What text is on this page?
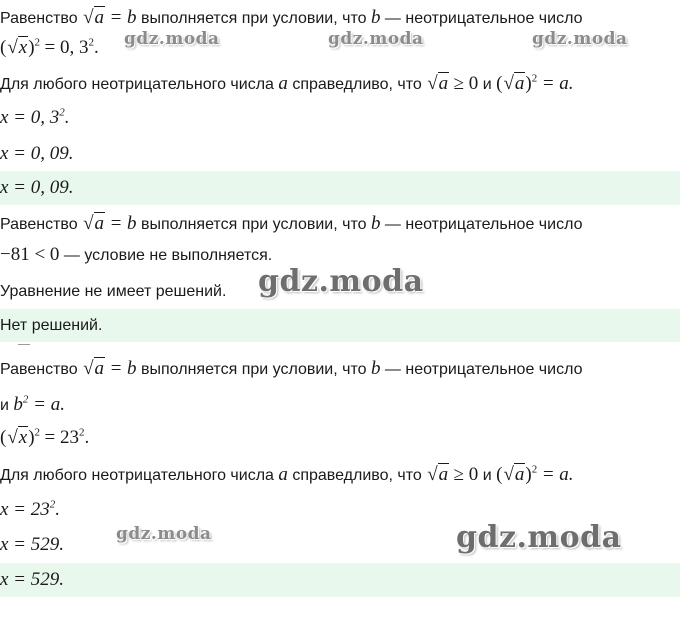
Равенство √a = b выполняется при условии, что b — неотрицательное число
$(√x)^2 = 0$, $3^2$.
Для любого неотрицательного числа a справедливо, что √a ≥ 0 и $(√a)^2 = a$.
x = 0, $3^2$.
x = 0, 09.
x = 0, 09.
Равенство √a = b выполняется при условии, что b — неотрицательное число
−81 < 0 — условие не выполняется.
Уравнение не имеет решений.
Нет решений.
Равенство √a = b выполняется при условии, что b — неотрицательное число
и $b^2 = a$.
$(√x)^2 = 23^2$.
Для любого неотрицательного числа a справедливо, что √a ≥ 0 и $(√a)^2 = a$.
$x = 23^2$.
x = 529.
x = 529.
gdz.moda	gdz.moda	gdz.moda
gdz.moda
gdz.moda	gdz.moda
